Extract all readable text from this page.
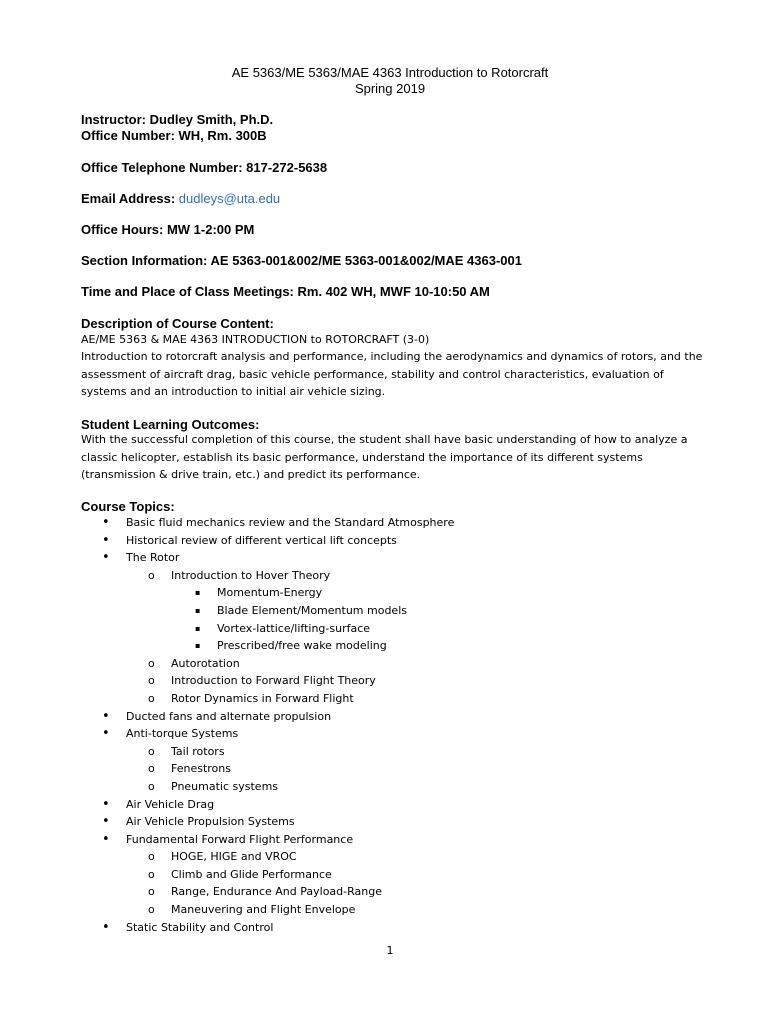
AE 5363/ME 5363/MAE 4363 Introduction to Rotorcraft
Spring 2019
Instructor: Dudley Smith, Ph.D.
Office Number: WH, Rm. 300B
Office Telephone Number: 817-272-5638
Email Address: dudleys@uta.edu
Office Hours: MW 1-2:00 PM
Section Information: AE 5363-001&002/ME 5363-001&002/MAE 4363-001
Time and Place of Class Meetings: Rm. 402 WH, MWF 10-10:50 AM
Description of Course Content:
AE/ME 5363 & MAE 4363 INTRODUCTION to ROTORCRAFT (3-0)
Introduction to rotorcraft analysis and performance, including the aerodynamics and dynamics of rotors, and the assessment of aircraft drag, basic vehicle performance, stability and control characteristics, evaluation of systems and an introduction to initial air vehicle sizing.
Student Learning Outcomes:
With the successful completion of this course, the student shall have basic understanding of how to analyze a classic helicopter, establish its basic performance, understand the importance of its different systems (transmission & drive train, etc.) and predict its performance.
Course Topics:
• Basic fluid mechanics review and the Standard Atmosphere
• Historical review of different vertical lift concepts
• The Rotor
o Introduction to Hover Theory
▪ Momentum-Energy
▪ Blade Element/Momentum models
▪ Vortex-lattice/lifting-surface
▪ Prescribed/free wake modeling
o Autorotation
o Introduction to Forward Flight Theory
o Rotor Dynamics in Forward Flight
• Ducted fans and alternate propulsion
• Anti-torque Systems
o Tail rotors
o Fenestrons
o Pneumatic systems
• Air Vehicle Drag
• Air Vehicle Propulsion Systems
• Fundamental Forward Flight Performance
o HOGE, HIGE and VROC
o Climb and Glide Performance
o Range, Endurance And Payload-Range
o Maneuvering and Flight Envelope
• Static Stability and Control
1
